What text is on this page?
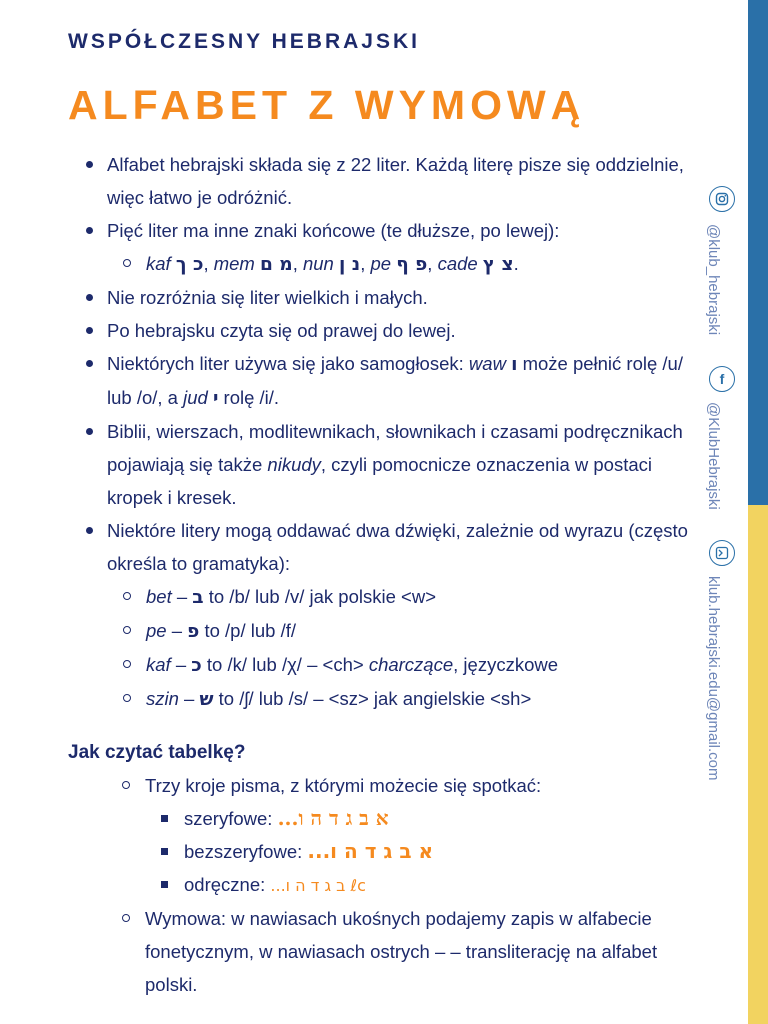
WSPÓŁCZESNY HEBRAJSKI
ALFABET Z WYMOWĄ
Alfabet hebrajski składa się z 22 liter. Każdą literę pisze się oddzielnie, więc łatwo je odróżnić.
Pięć liter ma inne znaki końcowe (te dłuższe, po lewej):
kaf כ ך, mem מ ם, nun נ ן, pe פ ף, cade צ ץ.
Nie rozróżnia się liter wielkich i małych.
Po hebrajsku czyta się od prawej do lewej.
Niektórych liter używa się jako samogłosek: waw ו może pełnić rolę /u/ lub /o/, a jud י rolę /i/.
Biblii, wierszach, modlitewnikach, słownikach i czasami podręcznikach pojawiają się także nikudy, czyli pomocnicze oznaczenia w postaci kropek i kresek.
Niektóre litery mogą oddawać dwa dźwięki, zależnie od wyrazu (często określa to gramatyka):
bet – ב to /b/ lub /v/ jak polskie <w>
pe – פ to /p/ lub /f/
kaf – כ to /k/ lub /χ/ – <ch> charczące, języczkowe
szin – ש to /ʃ/ lub /s/ – <sz> jak angielskie <sh>
Jak czytać tabelkę?
Trzy kroje pisma, z którymi możecie się spotkać:
szeryfowe: א ב ג ד ה ו...
bezszeryfowe: א ב ג ד ה ו...
odręczne: ℓc ב ג ד ה ו...
Wymowa: w nawiasach ukośnych podajemy zapis w alfabecie fonetycznym, w nawiasach ostrych – – transliterację na alfabet polski.
@klub_hebrajski
f
@KlubHebrajski
klub.hebrajski.edu@gmail.com
